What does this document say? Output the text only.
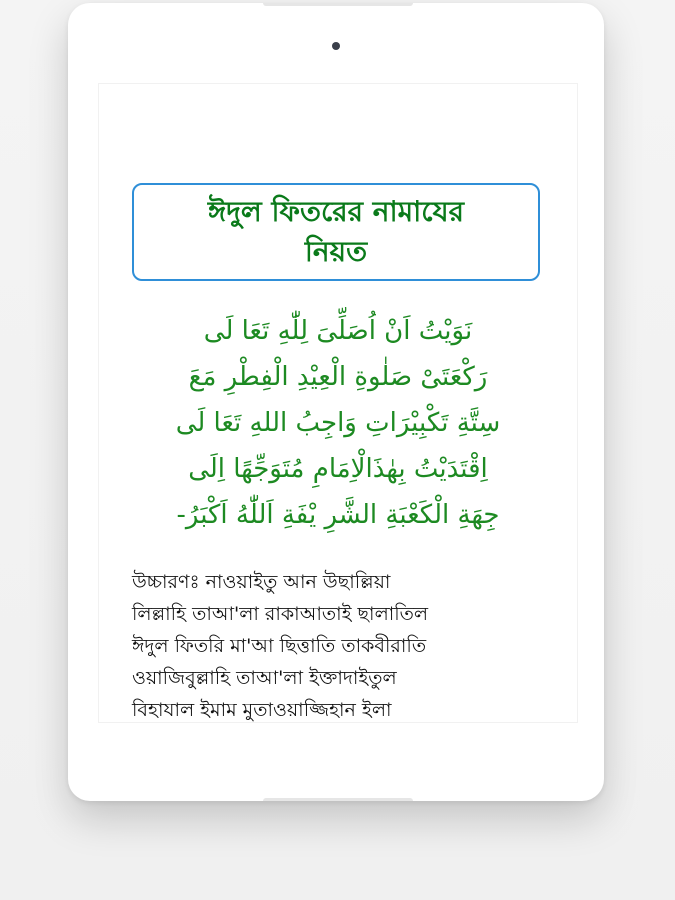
ঈদুল ফিতরের নামাযের
নিয়ত
نَوَيْتُ اَنْ اُصَلِّىَ لِلّٰهِ تَعَا لَى
رَكْعَتَىْ صَلٰوةِ الْعِيْدِ الْفِطْرِ مَعَ
سِتَّةِ تَكْبِيْرَاتِ وَاجِبُ اللهِ تَعَا لَى
اِقْتَدَيْتُ بِهٰذَالْاِمَامِ مُتَوَجِّهًا اِلَى
جِهَةِ الْكَعْبَةِ الشَّرِ يْفَةِ اَللّٰهُ اَكْبَرُ-
উচ্চারণঃ নাওয়াইতু আন উছাল্লিয়া
লিল্লাহি তাআ'লা রাকাআতাই ছালাতিল
ঈদুল ফিতরি মা'আ ছিত্তাতি তাকবীরাতি
ওয়াজিবুল্লাহি তাআ'লা ইক্তাদাইতুল
বিহাযাল ইমাম মুতাওয়াজ্জিহান ইলা
